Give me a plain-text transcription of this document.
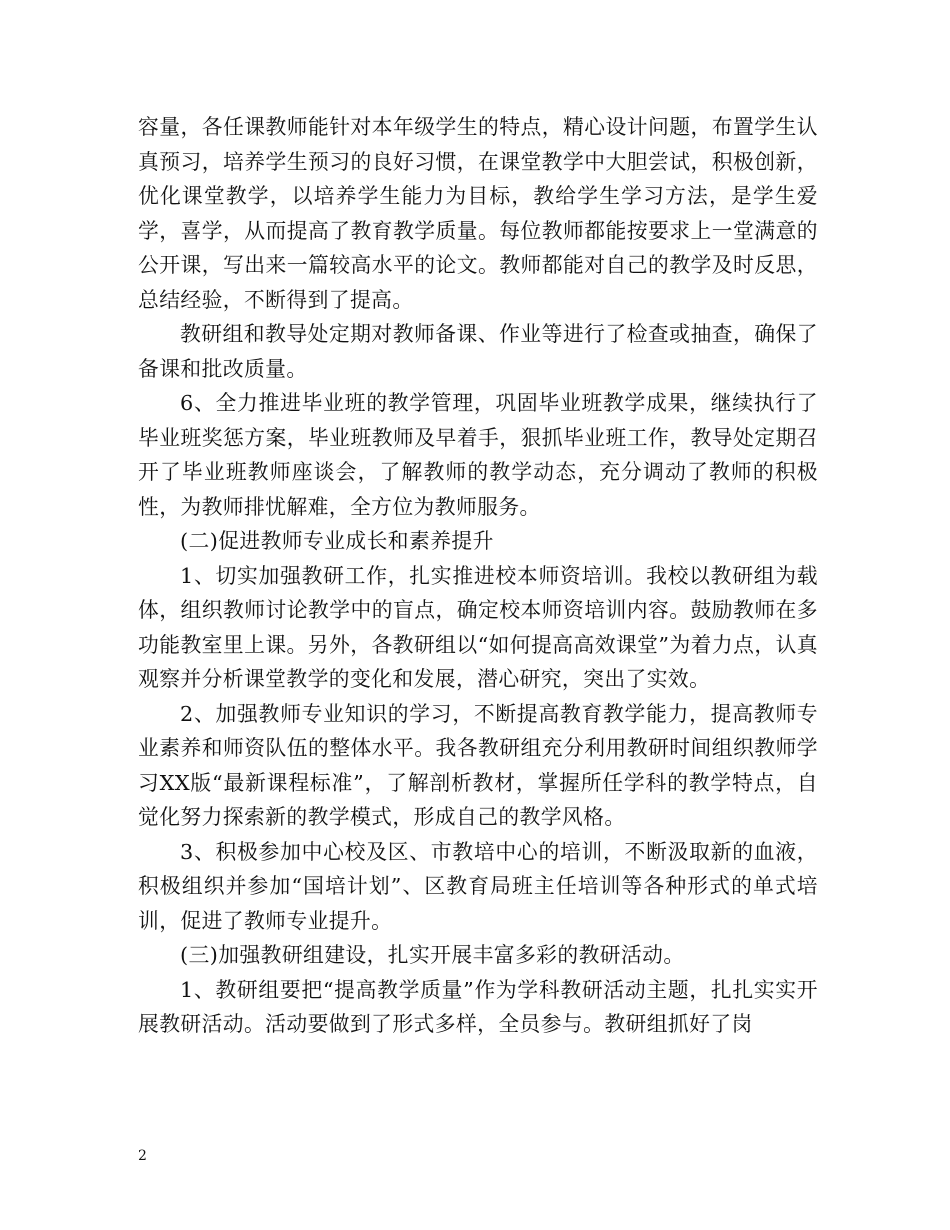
容量，各任课教师能针对本年级学生的特点，精心设计问题，布置学生认真预习，培养学生预习的良好习惯，在课堂教学中大胆尝试，积极创新，优化课堂教学，以培养学生能力为目标，教给学生学习方法，是学生爱学，喜学，从而提高了教育教学质量。每位教师都能按要求上一堂满意的公开课，写出来一篇较高水平的论文。教师都能对自己的教学及时反思，总结经验，不断得到了提高。

教研组和教导处定期对教师备课、作业等进行了检查或抽查，确保了备课和批改质量。

6、全力推进毕业班的教学管理，巩固毕业班教学成果，继续执行了毕业班奖惩方案，毕业班教师及早着手，狠抓毕业班工作，教导处定期召开了毕业班教师座谈会，了解教师的教学动态，充分调动了教师的积极性，为教师排忧解难，全方位为教师服务。

(二)促进教师专业成长和素养提升

1、切实加强教研工作，扎实推进校本师资培训。我校以教研组为载体，组织教师讨论教学中的盲点，确定校本师资培训内容。鼓励教师在多功能教室里上课。另外，各教研组以“如何提高高效课堂”为着力点，认真观察并分析课堂教学的变化和发展，潜心研究，突出了实效。

2、加强教师专业知识的学习，不断提高教育教学能力，提高教师专业素养和师资队伍的整体水平。我各教研组充分利用教研时间组织教师学习XX版“最新课程标准”，了解剖析教材，掌握所任学科的教学特点，自觉化努力探索新的教学模式，形成自己的教学风格。

3、积极参加中心校及区、市教培中心的培训，不断汲取新的血液，积极组织并参加“国培计划”、区教育局班主任培训等各种形式的单式培训，促进了教师专业提升。

(三)加强教研组建设，扎实开展丰富多彩的教研活动。

1、教研组要把“提高教学质量”作为学科教研活动主题，扎扎实实开展教研活动。活动要做到了形式多样，全员参与。教研组抓好了岗

2
